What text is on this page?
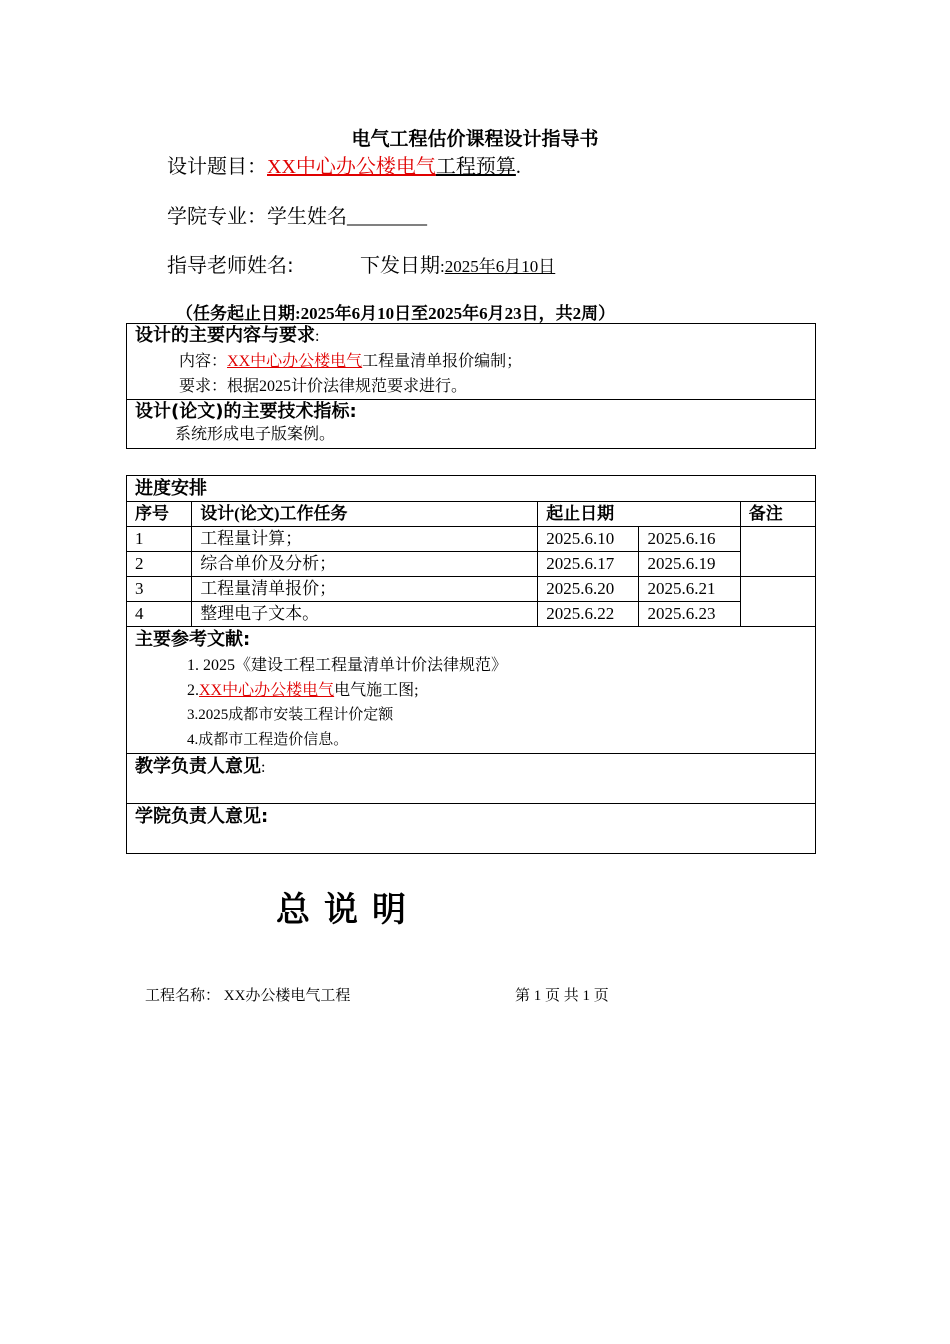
电气工程估价课程设计指导书
设计题目：XX中心办公楼电气工程预算.
学院专业：学生姓名________
指导老师姓名:	下发日期:2025年6月10日
（任务起止日期:2025年6月10日至2025年6月23日，共2周）
设计的主要内容与要求:
内容：XX中心办公楼电气工程量清单报价编制；
要求：根据2025计价法律规范要求进行。

设计(论文)的主要技术指标:
系统形成电子版案例。
进度安排				
序号	设计(论文)工作任务	起止日期		备注
1	工程量计算；	2025.6.10	2025.6.16	
2	综合单价及分析；	2025.6.17	2025.6.19	
3	工程量清单报价；	2025.6.20	2025.6.21	
4	整理电子文本。	2025.6.22	2025.6.23	

主要参考文献:
1. 2025《建设工程工程量清单计价法律规范》
2.XX中心办公楼电气电气施工图;
3.2025成都市安装工程计价定额
4.成都市工程造价信息。				

教学负责人意见:				
学院负责人意见:				
总说明
工程名称： XX办公楼电气工程	第 1 页 共 1 页
